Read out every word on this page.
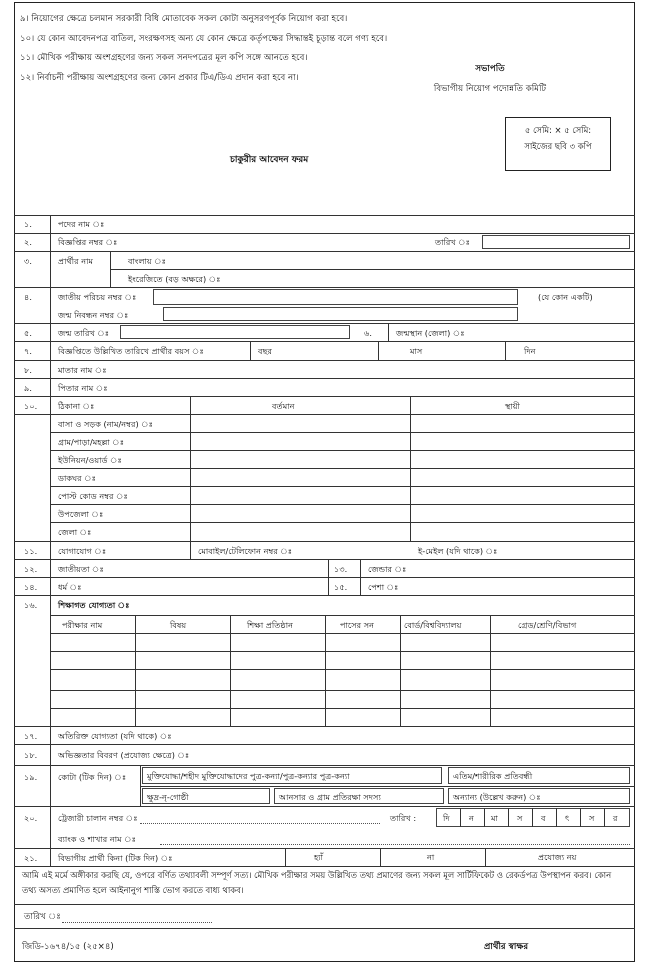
৯। নিয়োগের ক্ষেত্রে চলমান সরকারী বিধি মোতাবেক সকল কোটা অনুসরণপূর্বক নিয়োগ করা হবে।
১০। যে কোন আবেদনপত্র বাতিল, সংরক্ষণসহ অন্য যে কোন ক্ষেত্রে কর্তৃপক্ষের সিদ্ধান্তই চূড়ান্ত বলে গণ্য হবে।
১১। মৌখিক পরীক্ষায় অংশগ্রহণের জন্য সকল সনদপত্রের মূল কপি সঙ্গে আনতে হবে।
১২। নির্বাচনী পরীক্ষায় অংশগ্রহণের জন্য কোন প্রকার টিএ/ডিএ প্রদান করা হবে না।
সভাপতি
বিভাগীয় নিয়োগ পদোন্নতি কমিটি
৫ সেমি: × ৫ সেমি:
সাইজের ছবি ৩ কপি
চাকুরীর আবেদন ফরম
১.	পদের নাম ঃ
২.	বিজ্ঞপ্তির নম্বর ঃ	তারিখ ঃ
৩.	প্রার্থীর নাম	বাংলায় ঃ
ইংরেজিতে (বড় অক্ষরে) ঃ
৪.	জাতীয় পরিচয় নম্বর ঃ
জন্ম নিবন্ধন নম্বর ঃ
(যে কোন একটি)
৫.	জন্ম তারিখ ঃ	৬.	জন্মস্থান (জেলা) ঃ
৭.	বিজ্ঞপ্তিতে উল্লিখিত তারিখে প্রার্থীর বয়স ঃ	বছর	মাস	দিন
৮.	মাতার নাম ঃ
৯.	পিতার নাম ঃ
১০.	ঠিকানা ঃ	বর্তমান	স্থায়ী
বাসা ও সড়ক (নাম/নম্বর) ঃ
গ্রাম/পাড়া/মহল্লা ঃ
ইউনিয়ন/ওয়ার্ড ঃ
ডাকঘর ঃ
পোস্ট কোড নম্বর ঃ
উপজেলা ঃ
জেলা ঃ
১১.	যোগাযোগ ঃ	মোবাইল/টেলিফোন নম্বর ঃ	ই-মেইল (যদি থাকে) ঃ
১২.	জাতীয়তা ঃ	১৩.	জেন্ডার ঃ
১৪.	ধর্ম ঃ	১৫.	পেশা ঃ
১৬.	শিক্ষাগত যোগ্যতা ঃ
পরীক্ষার নাম	বিষয়	শিক্ষা প্রতিষ্ঠান	পাসের সন	বোর্ড/বিশ্ববিদ্যালয়	গ্রেড/শ্রেণি/বিভাগ
১৭.	অতিরিক্ত যোগ্যতা (যদি থাকে) ঃ
১৮.	অভিজ্ঞতার বিবরণ (প্রযোজ্য ক্ষেত্রে) ঃ
১৯.	কোটা (টিক দিন) ঃ	মুক্তিযোদ্ধা/শহীদ মুক্তিযোদ্ধাদের পুত্র-কন্যা/পুত্র-কন্যার পুত্র-কন্যা	এতিম/শারীরিক প্রতিবন্ধী
ক্ষুদ্র-নৃ-গোষ্ঠী	আনসার ও গ্রাম প্রতিরক্ষা সদস্য	অন্যান্য (উল্লেখ করুন) ঃ
২০.	ট্রেজারী চালান নম্বর ঃ	তারিখ :	দি ন মা স ব ৎ স র
ব্যাংক ও শাখার নাম ঃ
২১.	বিভাগীয় প্রার্থী কিনা (টিক দিন) ঃ	হ্যাঁ	না	প্রযোজ্য নয়
আমি এই মর্মে অঙ্গীকার করছি যে, ওপরে বর্ণিত তথ্যাবলী সম্পূর্ণ সত্য। মৌখিক পরীক্ষার সময় উল্লিখিত তথ্য প্রমাণের জন্য সকল মূল সার্টিফিকেট ও রেকর্ডপত্র উপস্থাপন করব। কোন তথ্য অসত্য প্রমাণিত হলে আইনানুগ শাস্তি ভোগ করতে বাধ্য থাকব।
তারিখ ঃ
জিডি-১৬৭৪/১৫ (২৫×৪)	প্রার্থীর স্বাক্ষর
